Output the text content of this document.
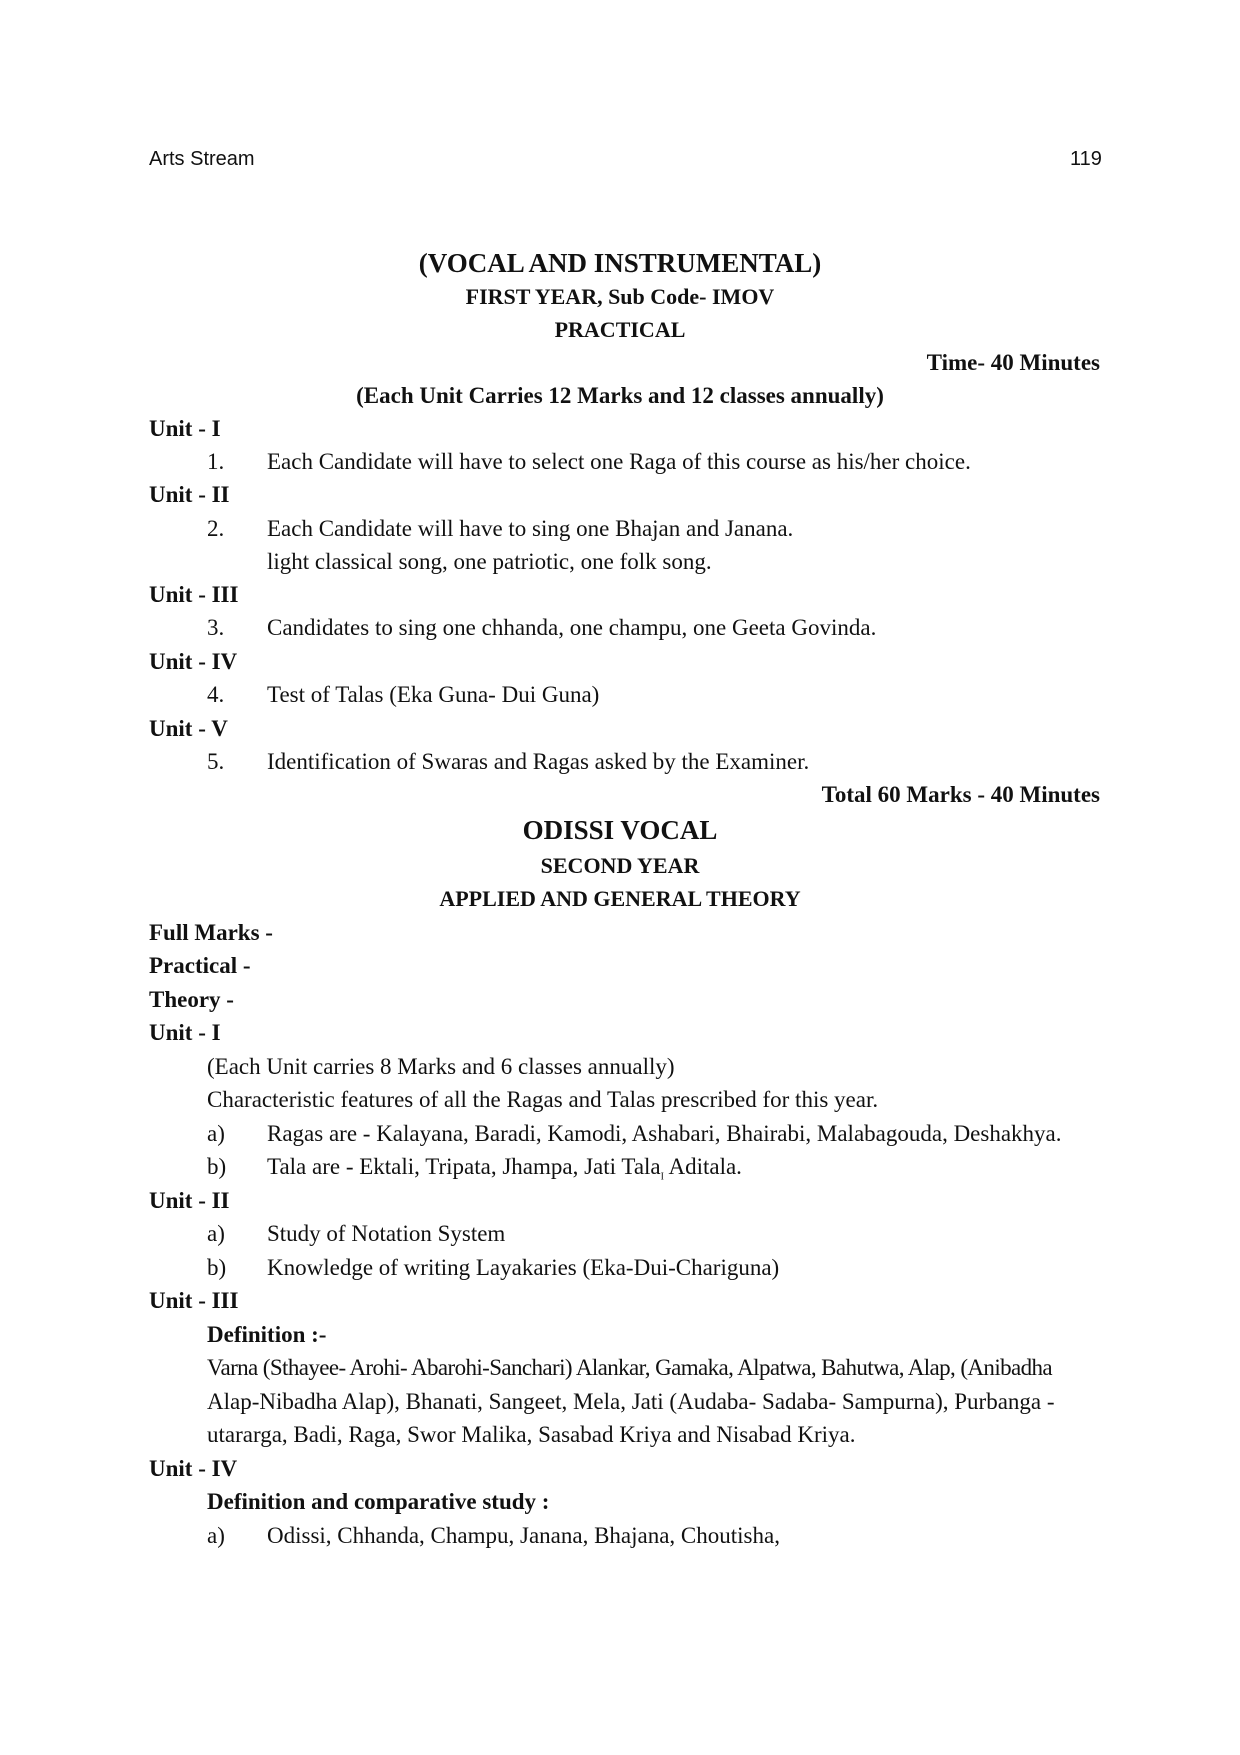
Arts Stream	119
(VOCAL AND INSTRUMENTAL)
FIRST YEAR, Sub Code- IMOV
PRACTICAL
Time- 40 Minutes
(Each Unit Carries 12 Marks and 12 classes annually)
Unit - I
1. Each Candidate will have to select one Raga of this course as his/her choice.
Unit - II
2. Each Candidate will have to sing one Bhajan and Janana.
light classical song, one patriotic, one folk song.
Unit - III
3. Candidates to sing one chhanda, one champu, one Geeta Govinda.
Unit - IV
4. Test of Talas (Eka Guna- Dui Guna)
Unit - V
5. Identification of Swaras and Ragas asked by the Examiner.
Total 60 Marks - 40 Minutes
ODISSI VOCAL
SECOND YEAR
APPLIED AND GENERAL THEORY
Full Marks -
Practical -
Theory -
Unit - I
(Each Unit carries 8 Marks and 6 classes annually)
Characteristic features of all the Ragas and Talas prescribed for this year.
a) Ragas are - Kalayana, Baradi, Kamodi, Ashabari, Bhairabi, Malabagouda, Deshakhya.
b) Tala are - Ektali, Tripata, Jhampa, Jati Tala$_I$ Aditala.
Unit - II
a) Study of Notation System
b) Knowledge of writing Layakaries (Eka-Dui-Chariguna)
Unit - III
Definition :-
Varna (Sthayee- Arohi- Abarohi-Sanchari) Alankar, Gamaka, Alpatwa, Bahutwa, Alap, (Anibadha
Alap-Nibadha Alap), Bhanati, Sangeet, Mela, Jati (Audaba- Sadaba- Sampurna), Purbanga -
utararga, Badi, Raga, Swor Malika, Sasabad Kriya and Nisabad Kriya.
Unit - IV
Definition and comparative study :
a) Odissi, Chhanda, Champu, Janana, Bhajana, Choutisha,
